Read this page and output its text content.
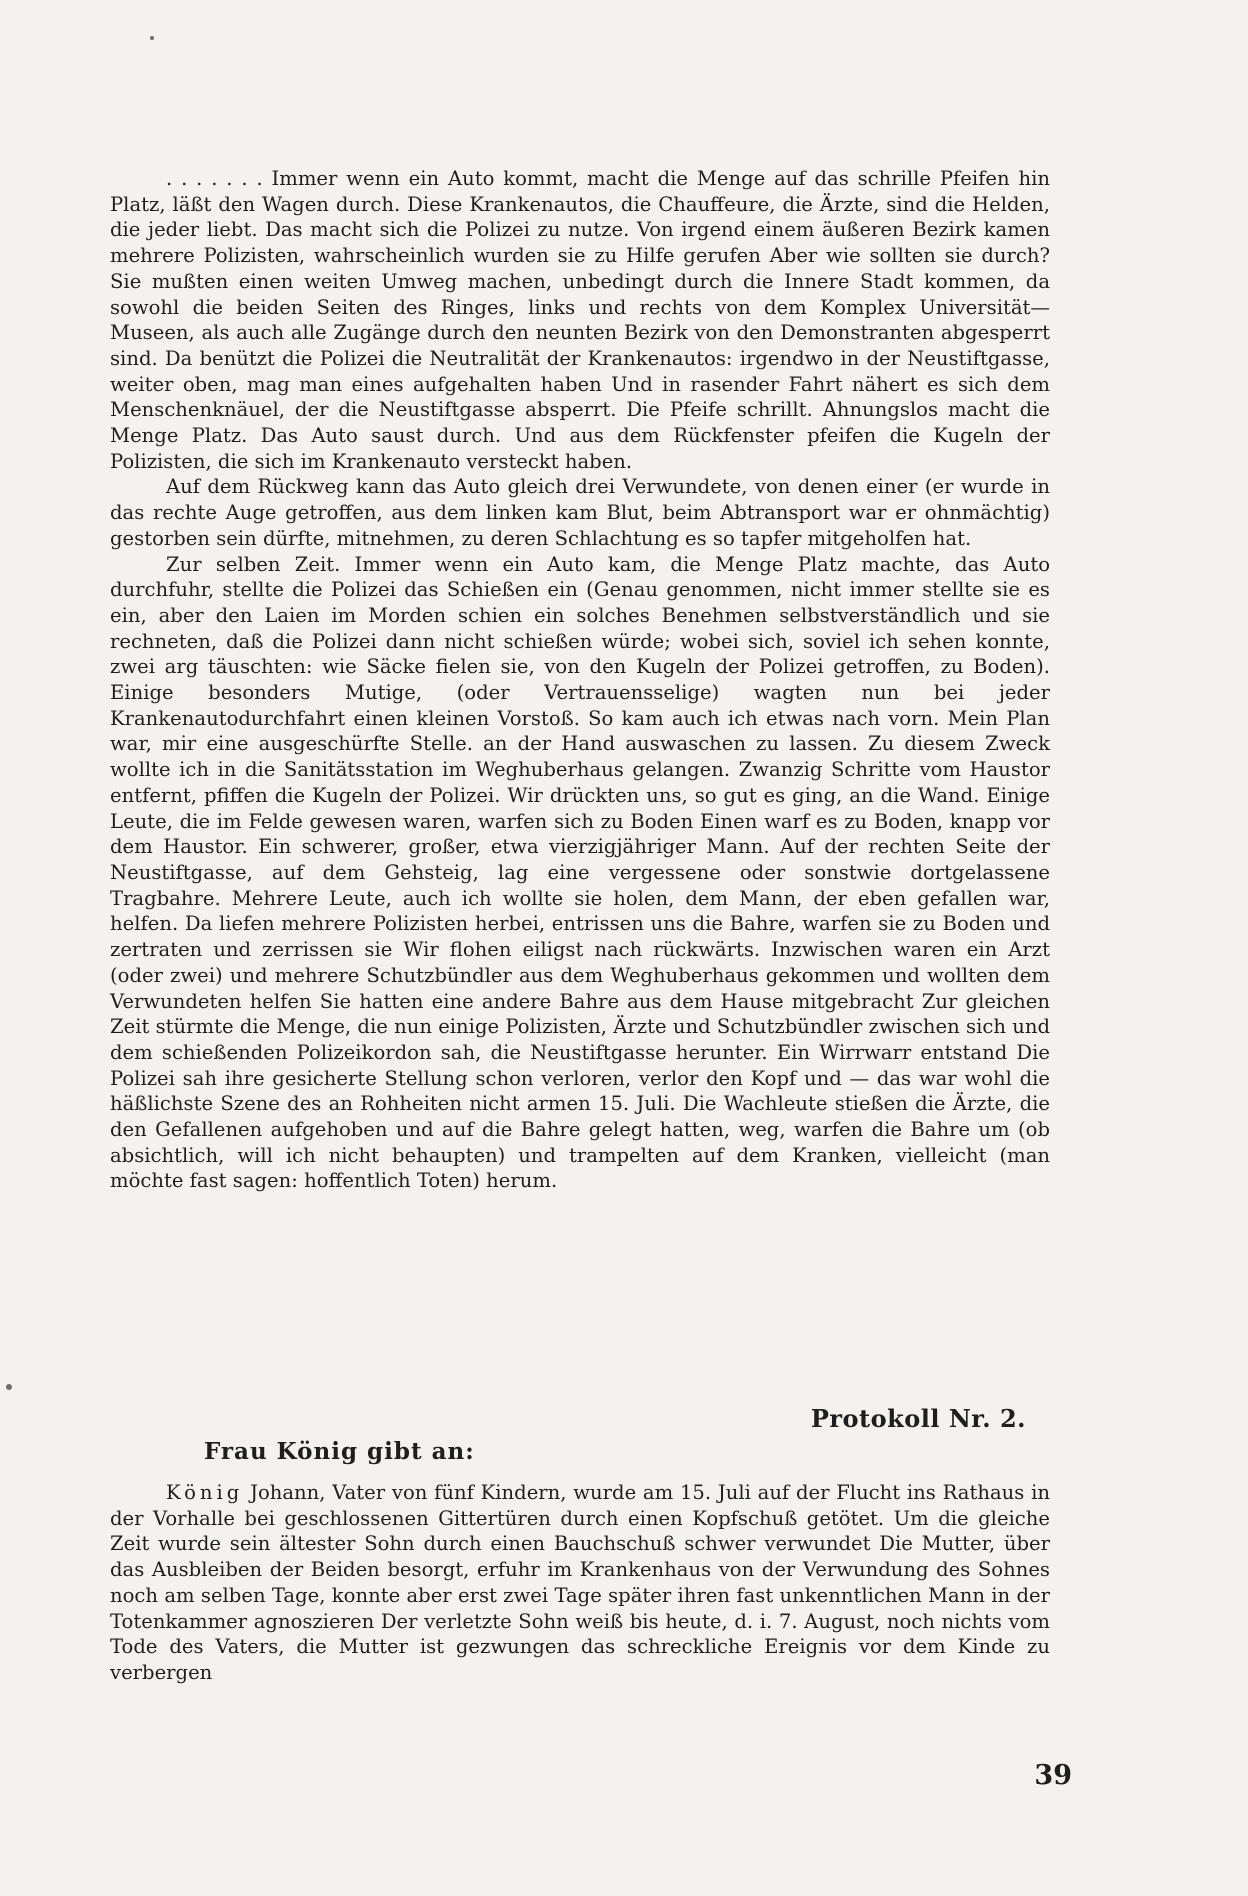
. . . . . . . Immer wenn ein Auto kommt, macht die Menge auf das schrille Pfeifen hin Platz, läßt den Wagen durch. Diese Krankenautos, die Chauffeure, die Ärzte, sind die Helden, die jeder liebt. Das macht sich die Polizei zu nutze. Von irgend einem äußeren Bezirk kamen mehrere Polizisten, wahrscheinlich wurden sie zu Hilfe gerufen Aber wie sollten sie durch? Sie mußten einen weiten Umweg machen, unbedingt durch die Innere Stadt kommen, da sowohl die beiden Seiten des Ringes, links und rechts von dem Komplex Universität—Museen, als auch alle Zugänge durch den neunten Bezirk von den Demonstranten abgesperrt sind. Da benützt die Polizei die Neutralität der Krankenautos: irgendwo in der Neustiftgasse, weiter oben, mag man eines aufgehalten haben Und in rasender Fahrt nähert es sich dem Menschenknäuel, der die Neustiftgasse absperrt. Die Pfeife schrillt. Ahnungslos macht die Menge Platz. Das Auto saust durch. Und aus dem Rückfenster pfeifen die Kugeln der Polizisten, die sich im Krankenauto versteckt haben.

Auf dem Rückweg kann das Auto gleich drei Verwundete, von denen einer (er wurde in das rechte Auge getroffen, aus dem linken kam Blut, beim Abtransport war er ohnmächtig) gestorben sein dürfte, mitnehmen, zu deren Schlachtung es so tapfer mitgeholfen hat.

Zur selben Zeit. Immer wenn ein Auto kam, die Menge Platz machte, das Auto durchfuhr, stellte die Polizei das Schießen ein (Genau genommen, nicht immer stellte sie es ein, aber den Laien im Morden schien ein solches Benehmen selbstverständlich und sie rechneten, daß die Polizei dann nicht schießen würde; wobei sich, soviel ich sehen konnte, zwei arg täuschten: wie Säcke fielen sie, von den Kugeln der Polizei getroffen, zu Boden). Einige besonders Mutige, (oder Vertrauensselige) wagten nun bei jeder Krankenautodurchfahrt einen kleinen Vorstoß. So kam auch ich etwas nach vorn. Mein Plan war, mir eine ausgeschürfte Stelle. an der Hand auswaschen zu lassen. Zu diesem Zweck wollte ich in die Sanitätsstation im Weghuberhaus gelangen. Zwanzig Schritte vom Haustor entfernt, pfiffen die Kugeln der Polizei. Wir drückten uns, so gut es ging, an die Wand. Einige Leute, die im Felde gewesen waren, warfen sich zu Boden Einen warf es zu Boden, knapp vor dem Haustor. Ein schwerer, großer, etwa vierzigjähriger Mann. Auf der rechten Seite der Neustiftgasse, auf dem Gehsteig, lag eine vergessene oder sonstwie dortgelassene Tragbahre. Mehrere Leute, auch ich wollte sie holen, dem Mann, der eben gefallen war, helfen. Da liefen mehrere Polizisten herbei, entrissen uns die Bahre, warfen sie zu Boden und zertraten und zerrissen sie Wir flohen eiligst nach rückwärts. Inzwischen waren ein Arzt (oder zwei) und mehrere Schutzbündler aus dem Weghuberhaus gekommen und wollten dem Verwundeten helfen Sie hatten eine andere Bahre aus dem Hause mitgebracht Zur gleichen Zeit stürmte die Menge, die nun einige Polizisten, Ärzte und Schutzbündler zwischen sich und dem schießenden Polizeikordon sah, die Neustiftgasse herunter. Ein Wirrwarr entstand Die Polizei sah ihre gesicherte Stellung schon verloren, verlor den Kopf und — das war wohl die häßlichste Szene des an Rohheiten nicht armen 15. Juli. Die Wachleute stießen die Ärzte, die den Gefallenen aufgehoben und auf die Bahre gelegt hatten, weg, warfen die Bahre um (ob absichtlich, will ich nicht behaupten) und trampelten auf dem Kranken, vielleicht (man möchte fast sagen: hoffentlich Toten) herum.

Protokoll Nr. 2.
Frau König gibt an:

König Johann, Vater von fünf Kindern, wurde am 15. Juli auf der Flucht ins Rathaus in der Vorhalle bei geschlossenen Gittertüren durch einen Kopfschuß getötet. Um die gleiche Zeit wurde sein ältester Sohn durch einen Bauchschuß schwer verwundet Die Mutter, über das Ausbleiben der Beiden besorgt, erfuhr im Krankenhaus von der Verwundung des Sohnes noch am selben Tage, konnte aber erst zwei Tage später ihren fast unkenntlichen Mann in der Totenkammer agnoszieren Der verletzte Sohn weiß bis heute, d. i. 7. August, noch nichts vom Tode des Vaters, die Mutter ist gezwungen das schreckliche Ereignis vor dem Kinde zu verbergen

39
